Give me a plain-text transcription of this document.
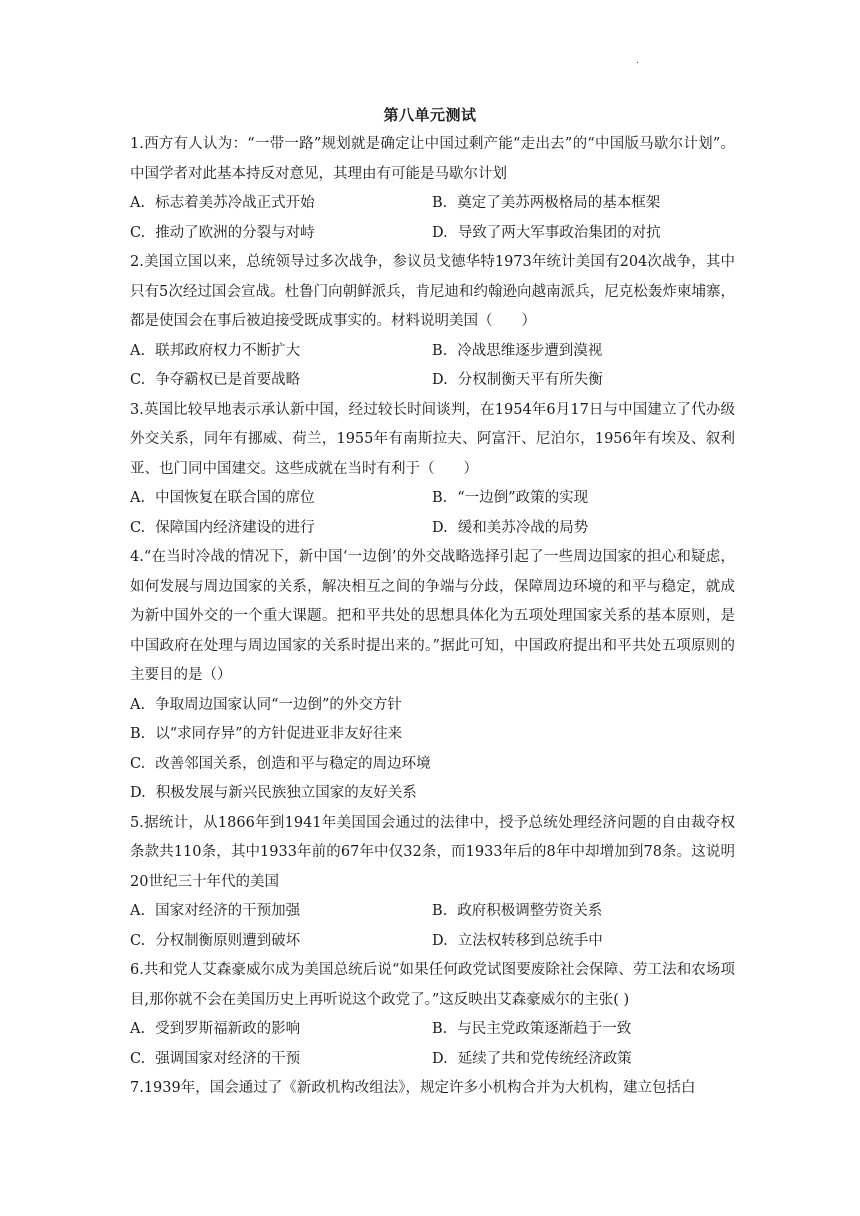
·
第八单元测试

1.西方有人认为：“一带一路”规划就是确定让中国过剩产能“走出去”的“中国版马歇尔计划”。中国学者对此基本持反对意见，其理由有可能是马歇尔计划

A. 标志着美苏冷战正式开始	B. 奠定了美苏两极格局的基本框架
C. 推动了欧洲的分裂与对峙	D. 导致了两大军事政治集团的对抗

2.美国立国以来，总统领导过多次战争，参议员戈德华特1973年统计美国有204次战争，其中只有5次经过国会宣战。杜鲁门向朝鲜派兵，肯尼迪和约翰逊向越南派兵，尼克松轰炸柬埔寨，都是使国会在事后被迫接受既成事实的。材料说明美国（　　）

A. 联邦政府权力不断扩大	B. 冷战思维逐步遭到漠视
C. 争夺霸权已是首要战略	D. 分权制衡天平有所失衡

3.英国比较早地表示承认新中国，经过较长时间谈判，在1954年6月17日与中国建立了代办级外交关系，同年有挪威、荷兰，1955年有南斯拉夫、阿富汗、尼泊尔，1956年有埃及、叙利亚、也门同中国建交。这些成就在当时有利于（　　）

A. 中国恢复在联合国的席位	B. “一边倒”政策的实现
C. 保障国内经济建设的进行	D. 缓和美苏冷战的局势

4.“在当时冷战的情况下，新中国‘一边倒’的外交战略选择引起了一些周边国家的担心和疑虑，如何发展与周边国家的关系，解决相互之间的争端与分歧，保障周边环境的和平与稳定，就成为新中国外交的一个重大课题。把和平共处的思想具体化为五项处理国家关系的基本原则，是中国政府在处理与周边国家的关系时提出来的。”据此可知，中国政府提出和平共处五项原则的主要目的是（）

A. 争取周边国家认同“一边倒”的外交方针
B. 以“求同存异”的方针促进亚非友好往来
C. 改善邻国关系，创造和平与稳定的周边环境
D. 积极发展与新兴民族独立国家的友好关系

5.据统计，从1866年到1941年美国国会通过的法律中，授予总统处理经济问题的自由裁夺权条款共110条，其中1933年前的67年中仅32条，而1933年后的8年中却增加到78条。这说明20世纪三十年代的美国

A. 国家对经济的干预加强	B. 政府积极调整劳资关系
C. 分权制衡原则遭到破坏	D. 立法权转移到总统手中

6.共和党人艾森豪威尔成为美国总统后说“如果任何政党试图要废除社会保障、劳工法和农场项目,那你就不会在美国历史上再听说这个政党了。”这反映出艾森豪威尔的主张( )

A. 受到罗斯福新政的影响	B. 与民主党政策逐渐趋于一致
C. 强调国家对经济的干预	D. 延续了共和党传统经济政策

7.1939年，国会通过了《新政机构改组法》，规定许多小机构合并为大机构，建立包括白
